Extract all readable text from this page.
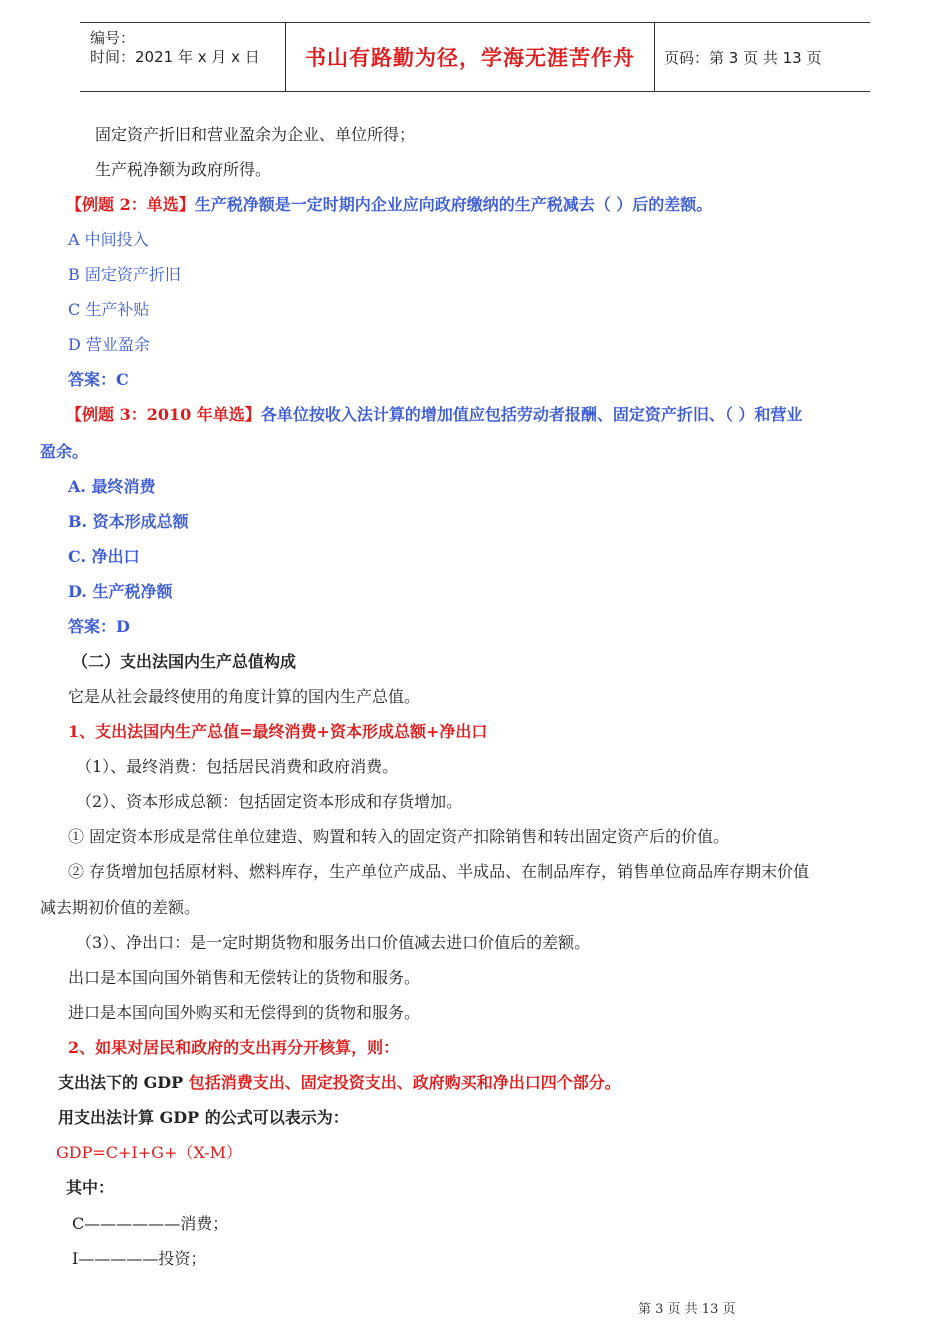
编号：
时间：2021 年 x 月 x 日 书山有路勤为径，学海无涯苦作舟 页码：第 3 页 共 13 页
固定资产折旧和营业盈余为企业、单位所得；
生产税净额为政府所得。
【例题 2：单选】生产税净额是一定时期内企业应向政府缴纳的生产税减去（ ）后的差额。
A 中间投入
B 固定资产折旧
C 生产补贴
D 营业盈余
答案：C
【例题 3：2010 年单选】各单位按收入法计算的增加值应包括劳动者报酬、固定资产折旧、（ ）和营业
盈余。
A. 最终消费
B. 资本形成总额
C. 净出口
D. 生产税净额
答案：D
（二）支出法国内生产总值构成
它是从社会最终使用的角度计算的国内生产总值。
1、支出法国内生产总值=最终消费+资本形成总额+净出口
（1）、最终消费：包括居民消费和政府消费。
（2）、资本形成总额：包括固定资本形成和存货增加。
① 固定资本形成是常住单位建造、购置和转入的固定资产扣除销售和转出固定资产后的价值。
② 存货增加包括原材料、燃料库存，生产单位产成品、半成品、在制品库存，销售单位商品库存期末价值
减去期初价值的差额。
（3）、净出口：是一定时期货物和服务出口价值减去进口价值后的差额。
出口是本国向国外销售和无偿转让的货物和服务。
进口是本国向国外购买和无偿得到的货物和服务。
2、如果对居民和政府的支出再分开核算，则：
支出法下的 GDP 包括消费支出、固定投资支出、政府购买和净出口四个部分。
用支出法计算 GDP 的公式可以表示为：
GDP=C+I+G+（X-M）
其中：
C——————消费；
I—————投资；
第 3 页 共 13 页
